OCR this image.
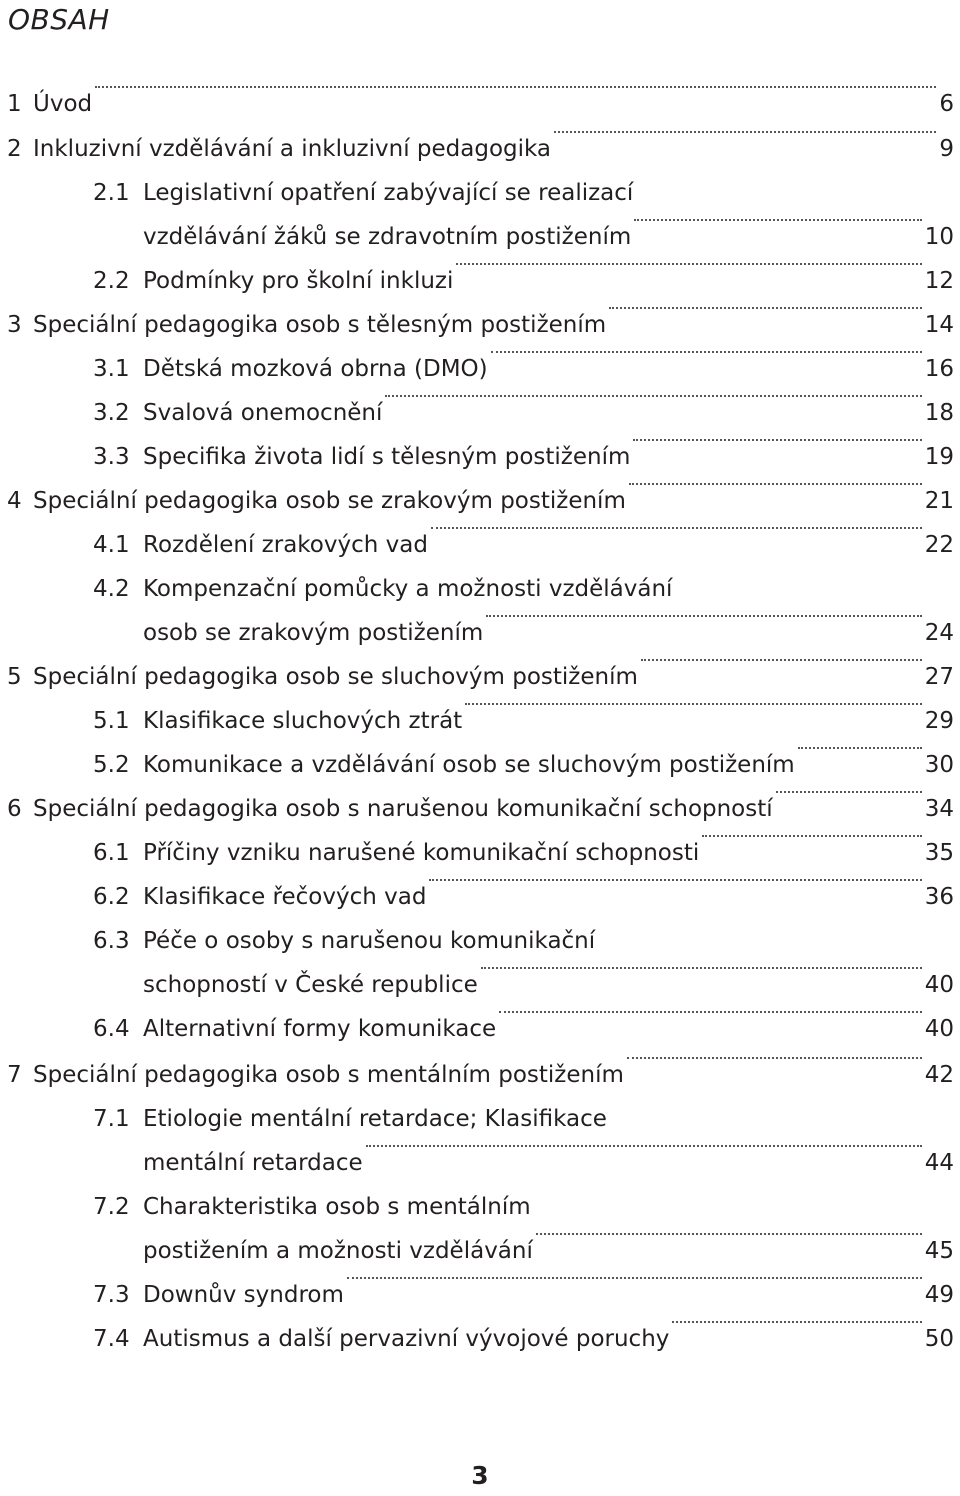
OBSAH
1 Úvod	6
2 Inkluzivní vzdělávání a inkluzivní pedagogika	9
2.1 Legislativní opatření zabývající se realizací
vzdělávání žáků se zdravotním postižením	10
2.2 Podmínky pro školní inkluzi	12
3 Speciální pedagogika osob s tělesným postižením	14
3.1 Dětská mozková obrna (DMO)	16
3.2 Svalová onemocnění	18
3.3 Specifika života lidí s tělesným postižením	19
4 Speciální pedagogika osob se zrakovým postižením	21
4.1 Rozdělení zrakových vad	22
4.2 Kompenzační pomůcky a možnosti vzdělávání
osob se zrakovým postižením	24
5 Speciální pedagogika osob se sluchovým postižením	27
5.1 Klasifikace sluchových ztrát	29
5.2 Komunikace a vzdělávání osob se sluchovým postižením	30
6 Speciální pedagogika osob s narušenou komunikační schopností	34
6.1 Příčiny vzniku narušené komunikační schopnosti	35
6.2 Klasifikace řečových vad	36
6.3 Péče o osoby s narušenou komunikační
schopností v České republice	40
6.4 Alternativní formy komunikace	40
7 Speciální pedagogika osob s mentálním postižením	42
7.1 Etiologie mentální retardace; Klasifikace
mentální retardace	44
7.2 Charakteristika osob s mentálním
postižením a možnosti vzdělávání	45
7.3 Downův syndrom	49
7.4 Autismus a další pervazivní vývojové poruchy	50
3
